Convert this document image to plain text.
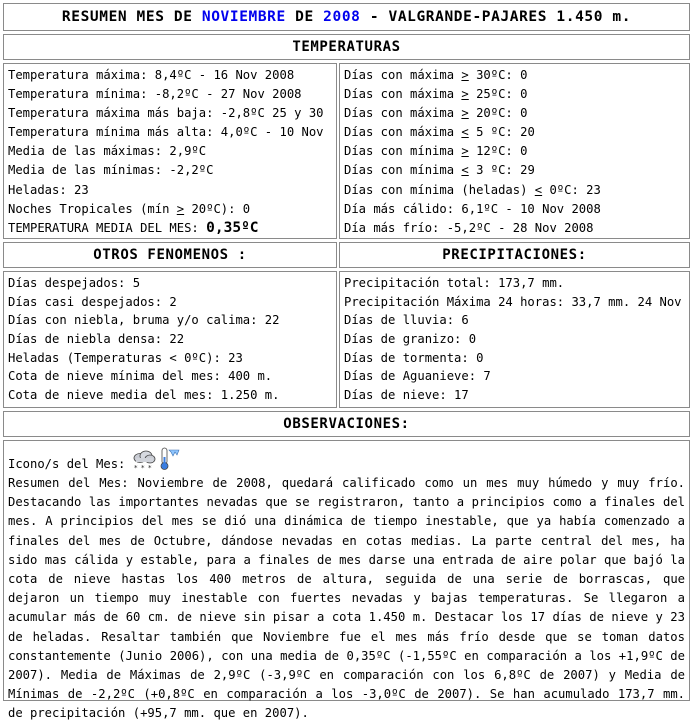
RESUMEN MES DE NOVIEMBRE DE 2008 - VALGRANDE-PAJARES 1.450 m.
TEMPERATURAS
Temperatura máxima: 8,4ºC - 16 Nov 2008
Temperatura mínima: -8,2ºC - 27 Nov 2008
Temperatura máxima más baja: -2,8ºC 25 y 30
Temperatura mínima más alta: 4,0ºC - 10 Nov
Media de las máximas: 2,9ºC
Media de las mínimas: -2,2ºC
Heladas: 23
Noches Tropicales (mín ≥ 20ºC): 0
TEMPERATURA MEDIA DEL MES: 0,35ºC
Días con máxima > 30ºC: 0
Días con máxima > 25ºC: 0
Días con máxima > 20ºC: 0
Días con máxima < 5 ºC: 20
Días con mínima > 12ºC: 0
Días con mínima < 3 ºC: 29
Días con mínima (heladas) < 0ºC: 23
Día más cálido: 6,1ºC - 10 Nov 2008
Día más frío: -5,2ºC - 28 Nov 2008
OTROS FENOMENOS :	PRECIPITACIONES:
Días despejados: 5
Días casi despejados: 2
Días con niebla, bruma y/o calima: 22
Días de niebla densa: 22
Heladas (Temperaturas < 0ºC): 23
Cota de nieve mínima del mes: 400 m.
Cota de nieve media del mes: 1.250 m.
Precipitación total: 173,7 mm.
Precipitación Máxima 24 horas: 33,7 mm. 24 Nov
Días de lluvia: 6
Días de granizo: 0
Días de tormenta: 0
Días de Aguanieve: 7
Días de nieve: 17
OBSERVACIONES:
Icono/s del Mes: * * *
Resumen del Mes: Noviembre de 2008, quedará calificado como un mes muy húmedo y muy frío. Destacando las importantes nevadas que se registraron, tanto a principios como a finales del mes. A principios del mes se dió una dinámica de tiempo inestable, que ya había comenzado a finales del mes de Octubre, dándose nevadas en cotas medias. La parte central del mes, ha sido mas cálida y estable, para a finales de mes darse una entrada de aire polar que bajó la cota de nieve hastas los 400 metros de altura, seguida de una serie de borrascas, que dejaron un tiempo muy inestable con fuertes nevadas y bajas temperaturas. Se llegaron a acumular más de 60 cm. de nieve sin pisar a cota 1.450 m. Destacar los 17 días de nieve y 23 de heladas. Resaltar también que Noviembre fue el mes más frío desde que se toman datos constantemente (Junio 2006), con una media de 0,35ºC (-1,55ºC en comparación a los +1,9ºC de 2007). Media de Máximas de 2,9ºC (-3,9ºC en comparación con los 6,8ºC de 2007) y Media de Mínimas de -2,2ºC (+0,8ºC en comparación a los -3,0ºC de 2007). Se han acumulado 173,7 mm. de precipitación (+95,7 mm. que en 2007).
